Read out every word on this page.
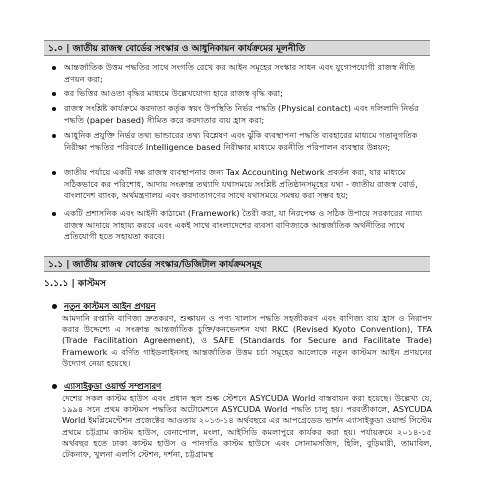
১.০ | জাতীয় রাজস্ব বোর্ডের সংস্কার ও আধুনিকায়ন কার্যক্রমের মূলনীতি
আন্তর্জাতিক উত্তম পদ্ধতির সাথে সংগতি রেখে কর আইন সমূহের সংস্কার সাধন এবং যুগোপযোগী রাজস্ব নীতি প্রণয়ন করা;
কর ভিত্তির আওতা বৃদ্ধির মাধ্যমে উল্লেখযোগ্য হারে রাজস্ব বৃদ্ধি করা;
রাজস্ব সংশ্লিষ্ট কার্যক্রমে করদাতা কর্তৃক স্বয়ং উপস্থিতি নির্ভর পদ্ধতি (Physical contact) এবং দলিলাদি নির্ভর পদ্ধতি (paper based) সীমিত করে করদাতার ব্যয় হ্রাস করা;
আধুনিক প্রযুক্তি নির্ভর তথ্য ভান্ডারের তথ্য বিশ্লেষণ এবং ঝুঁকি ব্যবস্থাপনা পদ্ধতি ব্যবহারের মাধ্যমে গতানুগতিক নিরীক্ষা পদ্ধতির পরিবর্তে Intelligence based নিরীক্ষার মাধ্যমে করনীতি পরিপালন ব্যবস্থার উন্নয়ন;
জাতীয় পর্যায়ে একটি দক্ষ রাজস্ব ব্যবস্থাপনার জন্য Tax Accounting Network প্রবর্তন করা, যার মাধ্যমে সঠিকভাবে কর পরিশোধ, আদায় সংক্রান্ত তথ্যাদি যথাসময়ে সংশ্লিষ্ট প্রতিষ্ঠানসমূহের যথা - জাতীয় রাজস্ব বোর্ড, বাংলাদেশ ব্যাংক, অর্থমন্ত্রণালয় এবং করদাতাগণের সাথে যথাসময়ে সমন্বয় করা সম্ভব হয়;
একটি প্রশাসনিক এবং আইনী কাঠামো (Framework) তৈরী করা, যা নিরপেক্ষ ও সঠিক উপায়ে সরকারের ন্যায্য রাজস্ব আদায়ে সাহায্য করবে এবং একই সাথে বাংলাদেশের ব্যবসা বাণিজ্যকে আন্তর্জাতিক অর্থনীতির সাথে প্রতিযোগী হতে সহায়তা করবে।
১.১ | জাতীয় রাজস্ব বোর্ডের সংস্কার/ডিজিটাল কার্যক্রমসমূহ
১.১.১ | কাস্টমস
নতুন কাস্টমস আইন প্রণয়ন
আমদানি রপ্তানি বাণিজ্য দ্রুতকরণ, শুল্কায়ন ও পণ্য খালাস পদ্ধতি সহজীকরণ এবং বাণিজ্য ব্যয় হ্রাস ও নিরাপদ করার উদ্দেশ্যে এ সংক্রান্ত আন্তর্জাতিক চুক্তি/কনভেনশন যথা RKC (Revised Kyoto Convention), TFA (Trade Facilitation Agreement), ও SAFE (Standards for Secure and Facilitate Trade) Framework এ বর্ণিত গাইডলাইনসহ আন্তর্জাতিক উত্তম চর্চা সমূহের আলোকে নতুন কাস্টমস আইন প্রণয়নের উদ্যোগ নেয়া হয়েছে।
এ্যাসাইকুডা ওয়ার্ল্ড সম্প্রসারণ
দেশের সকল কাস্টম হাউস এবং প্রধান স্থল শুল্ক স্টেশনে ASYCUDA World বাস্তবায়ন করা হয়েছে। উল্লেখ্য যে, ১৯৯৪ সনে প্রথম কাস্টমস পদ্ধতির অটোমেশনে ASYCUDA World পদ্ধতি চালু হয়। পরবর্তীকালে, ASYCUDA World ইমপ্লিমেন্টেশন প্রজেক্টের আওতায় ২০১৩-১৪ অর্থবছরে এর আপগ্রেডেড ভার্শন এ্যাসাইকুডা ওয়ার্ল্ড সিস্টেম প্রথমে চট্টগ্রাম কাস্টম হাউস, বেনাপোল, মংলা, আইসিডি কমলাপুরে কার্যকর করা হয়। পর্যায়ক্রমে ২০১৪-১৫ অর্থবছর হতে ঢাকা কাস্টম হাউস ও পানগাঁও কাস্টম হাউসে এবং সোনামসজিদ, হিলি, বুড়িমারী, তামাবিল, টেকনাফ, খুলনা এলসি স্টেশন, দর্শনা, চট্টগ্রামস্থ
